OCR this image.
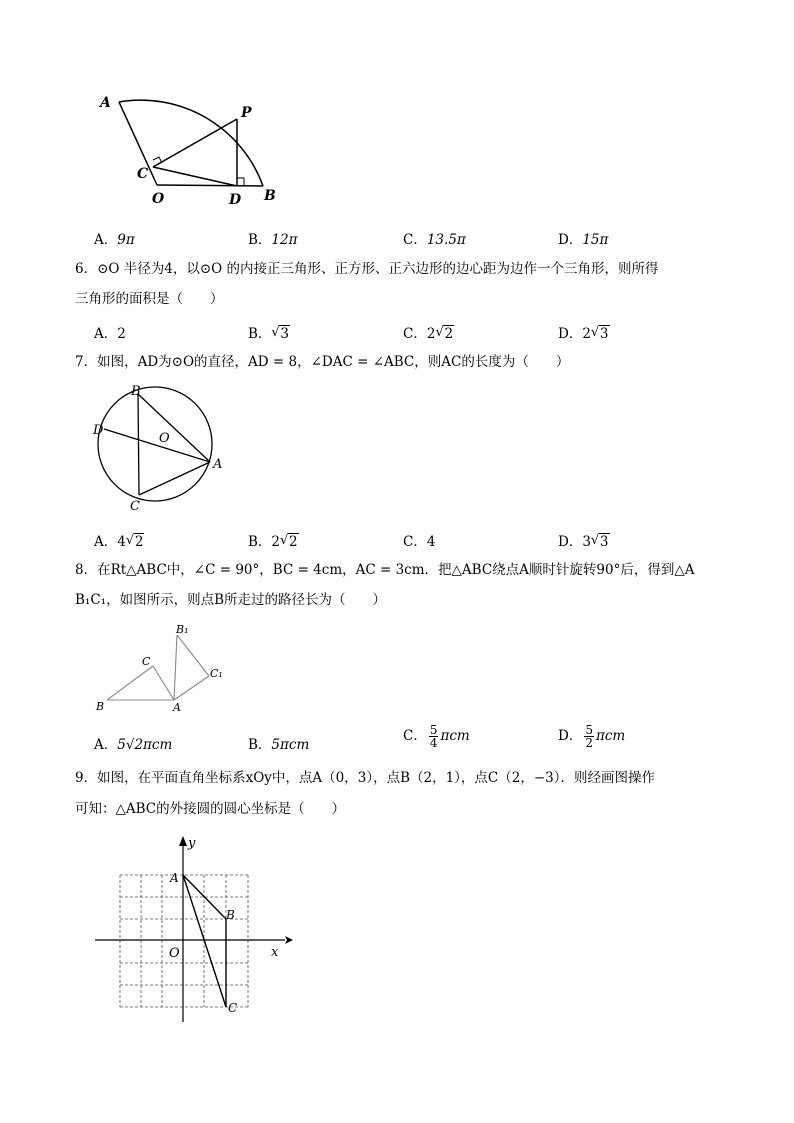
A
P
C
O	D B
A．9π	B．12π	C．13.5π	D．15π
6．⊙O 半径为4，以⊙O 的内接正三角形、正方形、正六边形的边心距为边作一个三角形，则所得
三角形的面积是（　　）
A．2	B． √ 3	C．2 √ 2	D．2 √ 3
7．如图，AD为⊙O的直径，AD = 8，∠DAC = ∠ABC，则AC的长度为（　　）
B
D
O
A
C
A．4 √ 2	B．2 √ 2	C．4	D．3 √ 3
8．在Rt△ABC中，∠C = 90°，BC = 4cm，AC = 3cm．把△ABC绕点A顺时针旋转90°后，得到△A
B₁C₁，如图所示，则点B所走过的路径长为（　　）
B₁
C
C₁
B	A
A．5√2πcm	B．5πcm
C． $\frac{5}{4}$ πcm	D． $\frac{5}{2}$ πcm
9．如图，在平面直角坐标系xOy中，点A（0，3），点B（2，1），点C（2，−3）．则经画图操作
可知：△ABC的外接圆的圆心坐标是（　　）
y
x
O
A
B
C
